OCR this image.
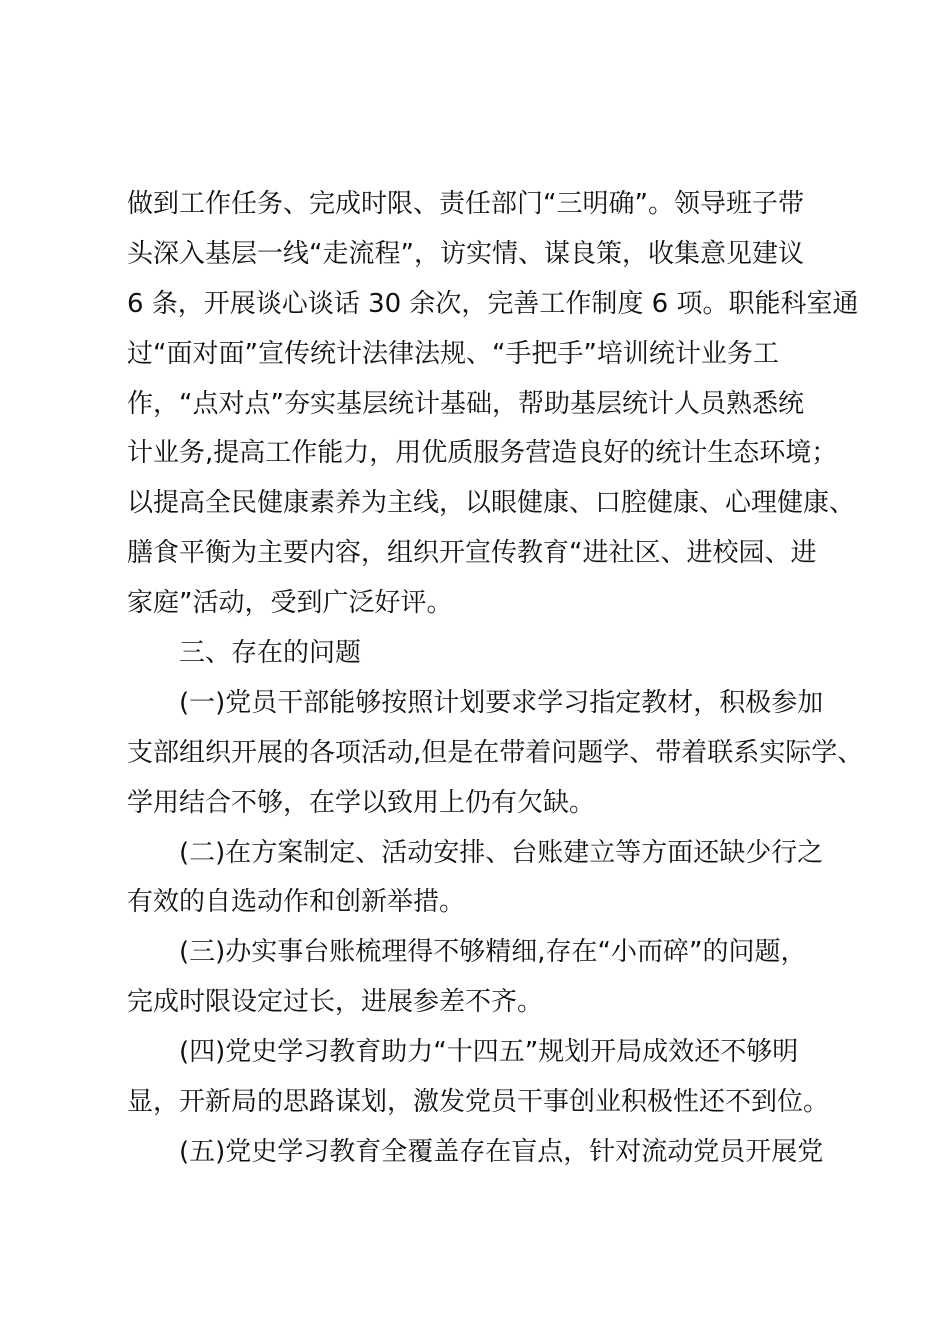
做到工作任务、完成时限、责任部门“三明确”。领导班子带
头深入基层一线“走流程”，访实情、谋良策，收集意见建议
6 条，开展谈心谈话 30 余次，完善工作制度 6 项。职能科室通
过“面对面”宣传统计法律法规、“手把手”培训统计业务工
作，“点对点”夯实基层统计基础，帮助基层统计人员熟悉统
计业务,提高工作能力，用优质服务营造良好的统计生态环境；
以提高全民健康素养为主线，以眼健康、口腔健康、心理健康、
膳食平衡为主要内容，组织开宣传教育“进社区、进校园、进
家庭”活动，受到广泛好评。
三、存在的问题
(一)党员干部能够按照计划要求学习指定教材，积极参加
支部组织开展的各项活动,但是在带着问题学、带着联系实际学、
学用结合不够，在学以致用上仍有欠缺。
(二)在方案制定、活动安排、台账建立等方面还缺少行之
有效的自选动作和创新举措。
(三)办实事台账梳理得不够精细,存在“小而碎”的问题，
完成时限设定过长，进展参差不齐。
(四)党史学习教育助力“十四五”规划开局成效还不够明
显，开新局的思路谋划，激发党员干事创业积极性还不到位。
(五)党史学习教育全覆盖存在盲点，针对流动党员开展党
